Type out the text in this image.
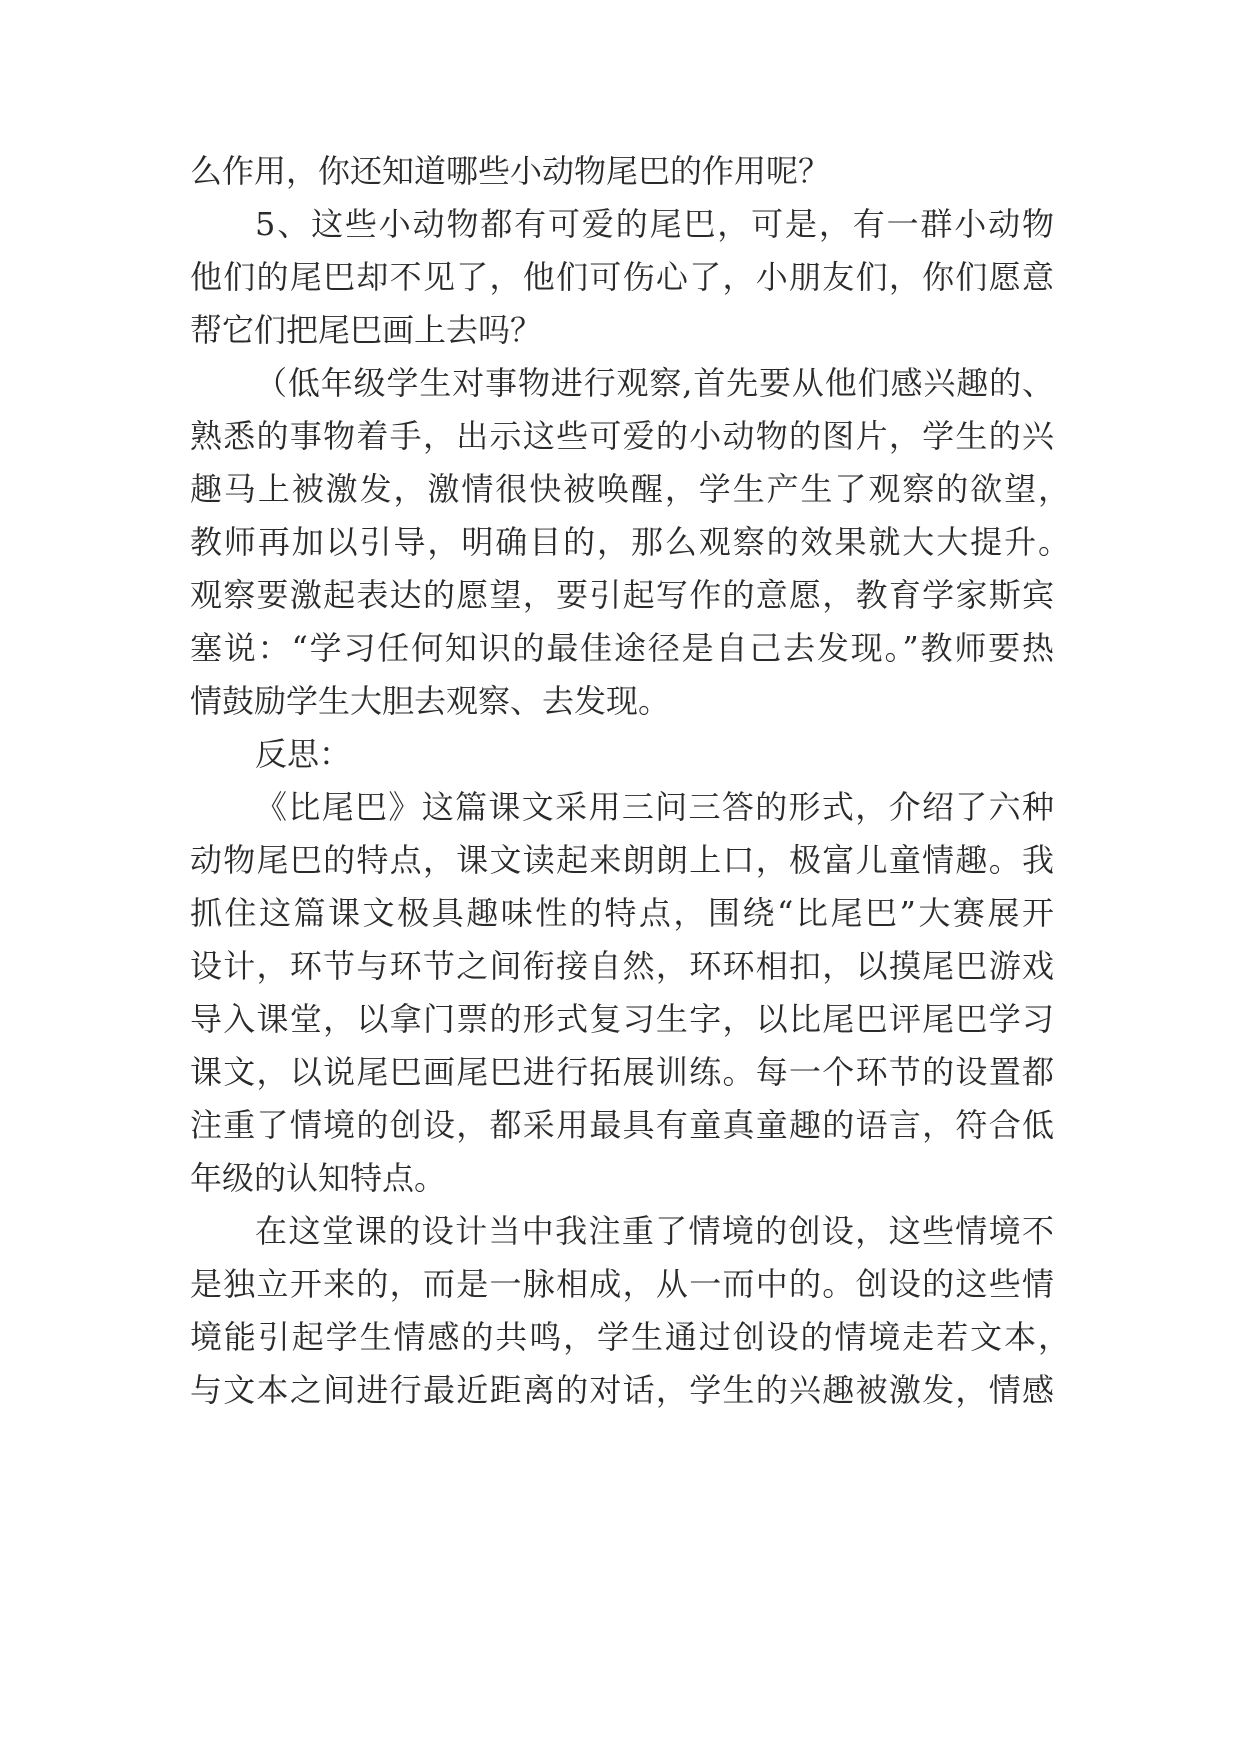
么作用，你还知道哪些小动物尾巴的作用呢？
5、这些小动物都有可爱的尾巴，可是，有一群小动物
他们的尾巴却不见了，他们可伤心了，小朋友们，你们愿意
帮它们把尾巴画上去吗？
（低年级学生对事物进行观察,首先要从他们感兴趣的、
熟悉的事物着手，出示这些可爱的小动物的图片，学生的兴
趣马上被激发，激情很快被唤醒，学生产生了观察的欲望，
教师再加以引导，明确目的，那么观察的效果就大大提升。
观察要激起表达的愿望，要引起写作的意愿，教育学家斯宾
塞说：“学习任何知识的最佳途径是自己去发现。”教师要热
情鼓励学生大胆去观察、去发现。
反思：
《比尾巴》这篇课文采用三问三答的形式，介绍了六种
动物尾巴的特点，课文读起来朗朗上口，极富儿童情趣。我
抓住这篇课文极具趣味性的特点，围绕“比尾巴”大赛展开
设计，环节与环节之间衔接自然，环环相扣，以摸尾巴游戏
导入课堂，以拿门票的形式复习生字，以比尾巴评尾巴学习
课文，以说尾巴画尾巴进行拓展训练。每一个环节的设置都
注重了情境的创设，都采用最具有童真童趣的语言，符合低
年级的认知特点。
在这堂课的设计当中我注重了情境的创设，这些情境不
是独立开来的，而是一脉相成，从一而中的。创设的这些情
境能引起学生情感的共鸣，学生通过创设的情境走若文本，
与文本之间进行最近距离的对话，学生的兴趣被激发，情感
